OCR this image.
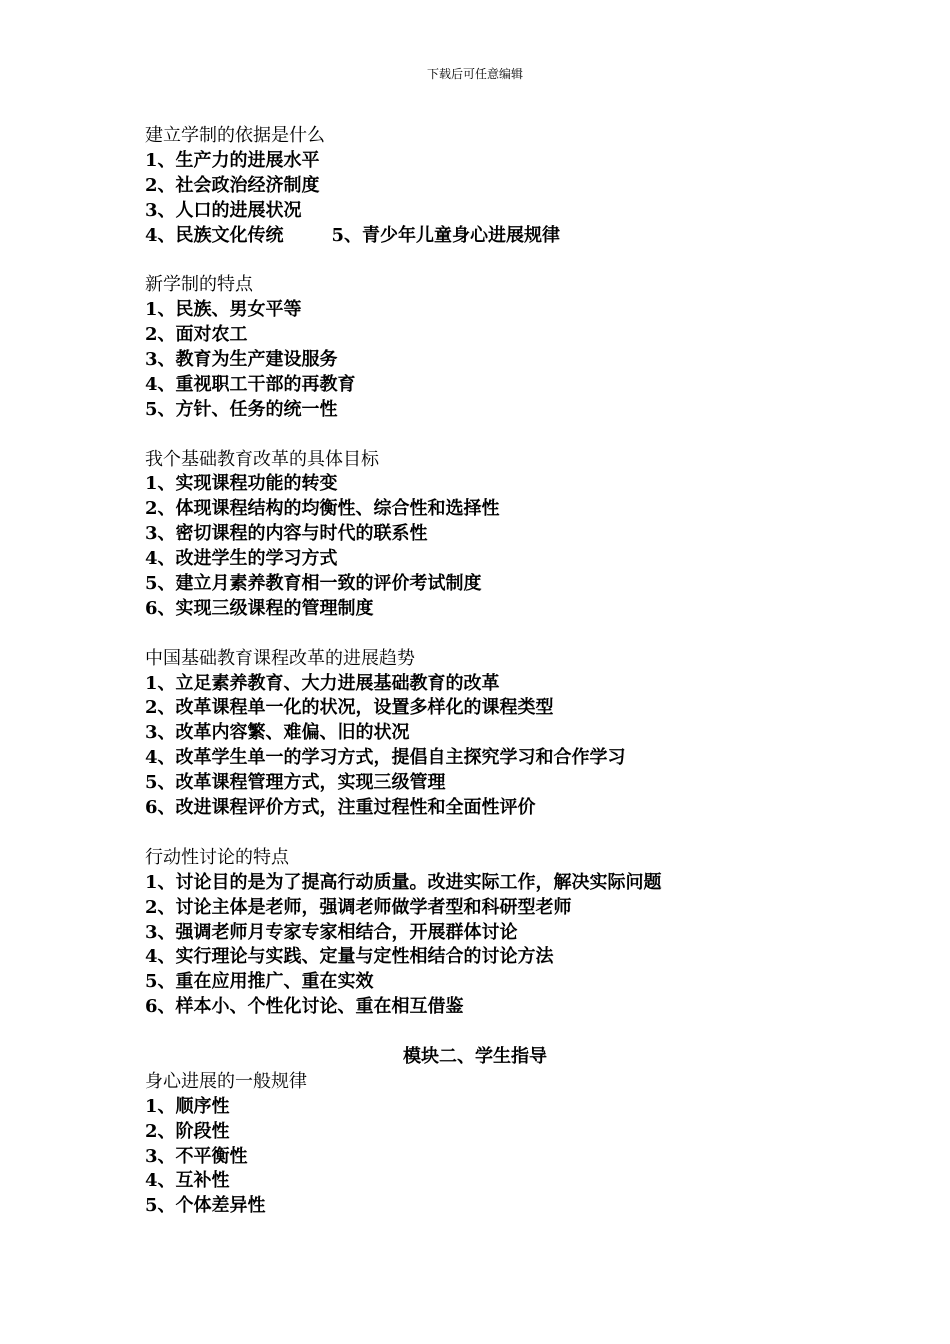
下载后可任意编辑
建立学制的依据是什么
1、生产力的进展水平
2、社会政治经济制度
3、人口的进展状况
4、民族文化传统	5、青少年儿童身心进展规律
新学制的特点
1、民族、男女平等
2、面对农工
3、教育为生产建设服务
4、重视职工干部的再教育
5、方针、任务的统一性
我个基础教育改革的具体目标
1、实现课程功能的转变
2、体现课程结构的均衡性、综合性和选择性
3、密切课程的内容与时代的联系性
4、改进学生的学习方式
5、建立月素养教育相一致的评价考试制度
6、实现三级课程的管理制度
中国基础教育课程改革的进展趋势
1、立足素养教育、大力进展基础教育的改革
2、改革课程单一化的状况，设置多样化的课程类型
3、改革内容繁、难偏、旧的状况
4、改革学生单一的学习方式，提倡自主探究学习和合作学习
5、改革课程管理方式，实现三级管理
6、改进课程评价方式，注重过程性和全面性评价
行动性讨论的特点
1、讨论目的是为了提高行动质量。改进实际工作，解决实际问题
2、讨论主体是老师，强调老师做学者型和科研型老师
3、强调老师月专家专家相结合，开展群体讨论
4、实行理论与实践、定量与定性相结合的讨论方法
5、重在应用推广、重在实效
6、样本小、个性化讨论、重在相互借鉴
模块二、学生指导
身心进展的一般规律
1、顺序性
2、阶段性
3、不平衡性
4、互补性
5、个体差异性
